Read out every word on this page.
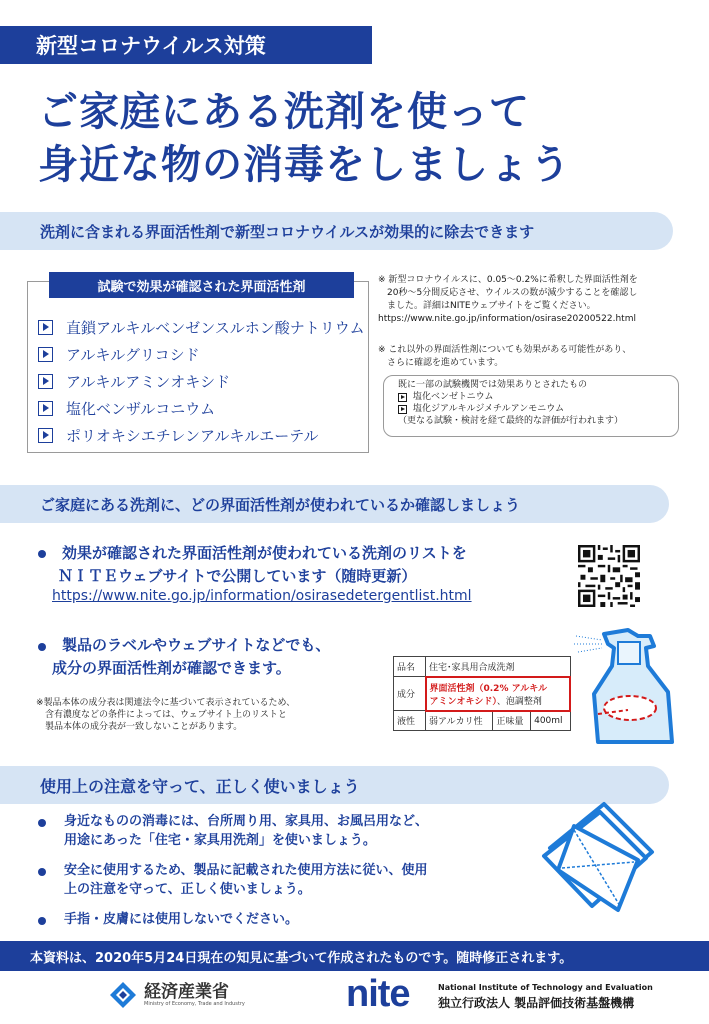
新型コロナウイルス対策
ご家庭にある洗剤を使って
身近な物の消毒をしましょう
洗剤に含まれる界面活性剤で新型コロナウイルスが効果的に除去できます
試験で効果が確認された界面活性剤
直鎖アルキルベンゼンスルホン酸ナトリウム
アルキルグリコシド
アルキルアミンオキシド
塩化ベンザルコニウム
ポリオキシエチレンアルキルエーテル
※ 新型コロナウイルスに、0.05〜0.2%に希釈した界面活性剤を
20秒〜5分間反応させ、ウイルスの数が減少することを確認し
ました。詳細はNITEウェブサイトをご覧ください。
https://www.nite.go.jp/information/osirase20200522.html
※ これ以外の界面活性剤についても効果がある可能性があり、
さらに確認を進めています。
既に一部の試験機関では効果ありとされたもの
塩化ベンゼトニウム
塩化ジアルキルジメチルアンモニウム
（更なる試験・検討を経て最終的な評価が行われます）
ご家庭にある洗剤に、どの界面活性剤が使われているか確認しましょう
効果が確認された界面活性剤が使われている洗剤のリストを
ＮＩＴＥウェブサイトで公開しています（随時更新）
https://www.nite.go.jp/information/osirasedetergentlist.html
製品のラベルやウェブサイトなどでも、
成分の界面活性剤が確認できます。
※製品本体の成分表は関連法令に基づいて表示されているため、
含有濃度などの条件によっては、ウェブサイト上のリストと
製品本体の成分表が一致しないことがあります。
品名	住宅･家具用合成洗剤		
成分	界面活性剤（0.2% アルキル
アミンオキシド）、泡調整剤		

液性	弱アルカリ性	正味量	400ml
使用上の注意を守って、正しく使いましょう
身近なものの消毒には、台所周り用、家具用、お風呂用など、
用途にあった「住宅・家具用洗剤」を使いましょう。
安全に使用するため、製品に記載された使用方法に従い、使用
上の注意を守って、正しく使いましょう。
手指・皮膚には使用しないでください。
本資料は、2020年5月24日現在の知見に基づいて作成されたものです。随時修正されます。
経済産業省
Ministry of Economy, Trade and Industry	nite	National Institute of Technology and Evaluation
独立行政法人 製品評価技術基盤機構
